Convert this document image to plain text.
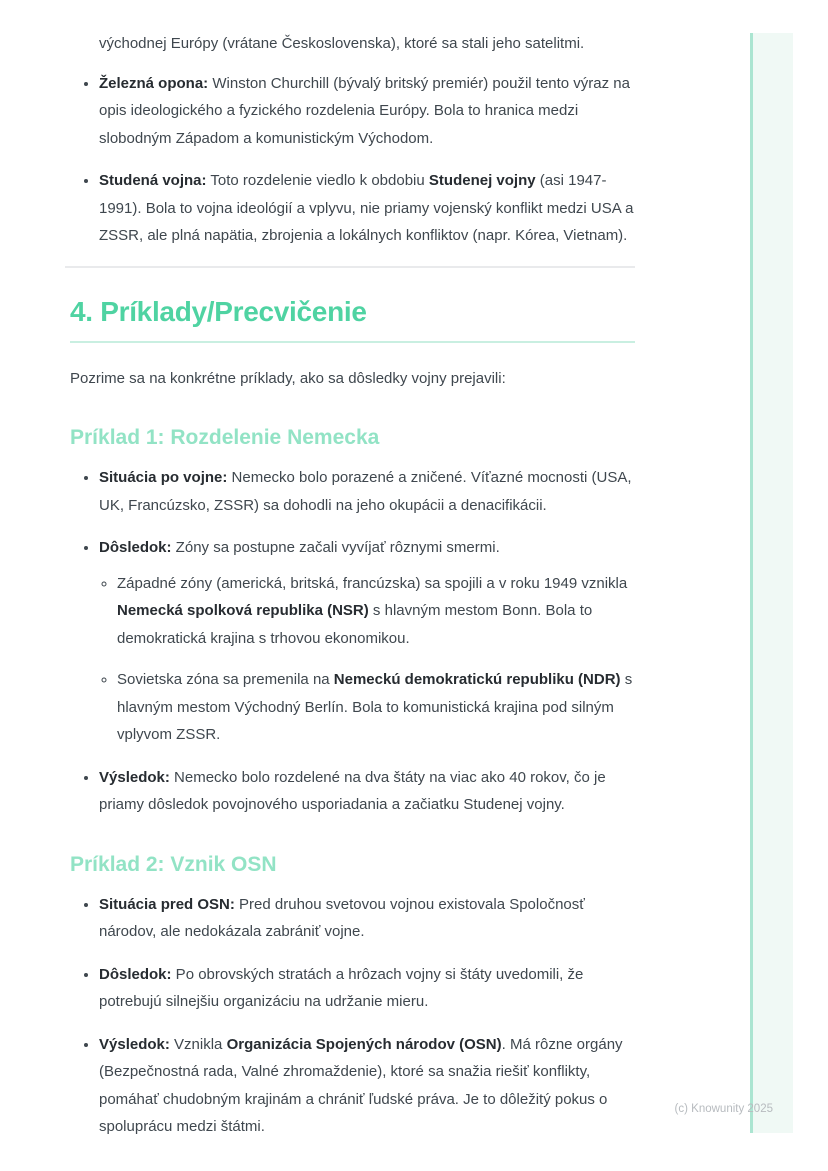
východnej Európy (vrátane Československa), ktoré sa stali jeho satelitmi.

• Železná opona: Winston Churchill (bývalý britský premiér) použil tento výraz na opis ideologického a fyzického rozdelenia Európy. Bola to hranica medzi slobodným Západom a komunistickým Východom.
• Studená vojna: Toto rozdelenie viedlo k obdobiu Studenej vojny (asi 1947-1991). Bola to vojna ideológií a vplyvu, nie priamy vojenský konflikt medzi USA a ZSSR, ale plná napätia, zbrojenia a lokálnych konfliktov (napr. Kórea, Vietnam).
4. Príklady/Precvičenie

Pozrime sa na konkrétne príklady, ako sa dôsledky vojny prejavili:

Príklad 1: Rozdelenie Nemecka
• Situácia po vojne: Nemecko bolo porazené a zničené. Víťazné mocnosti (USA, UK, Francúzsko, ZSSR) sa dohodli na jeho okupácii a denacifikácii.
• Dôsledok: Zóny sa postupne začali vyvíjať rôznymi smermi.
◦ Západné zóny (americká, britská, francúzska) sa spojili a v roku 1949 vznikla Nemecká spolková republika (NSR) s hlavným mestom Bonn. Bola to demokratická krajina s trhovou ekonomikou.
◦ Sovietska zóna sa premenila na Nemeckú demokratickú republiku (NDR) s hlavným mestom Východný Berlín. Bola to komunistická krajina pod silným vplyvom ZSSR.
• Výsledok: Nemecko bolo rozdelené na dva štáty na viac ako 40 rokov, čo je priamy dôsledok povojnového usporiadania a začiatku Studenej vojny.
Príklad 2: Vznik OSN
• Situácia pred OSN: Pred druhou svetovou vojnou existovala Spoločnosť národov, ale nedokázala zabrániť vojne.
• Dôsledok: Po obrovských stratách a hrôzach vojny si štáty uvedomili, že potrebujú silnejšiu organizáciu na udržanie mieru.
• Výsledok: Vznikla Organizácia Spojených národov (OSN). Má rôzne orgány (Bezpečnostná rada, Valné zhromaždenie), ktoré sa snažia riešiť konflikty, pomáhať chudobným krajinám a chrániť ľudské práva. Je to dôležitý pokus o spoluprácu medzi štátmi.
(c) Knowunity 2025
